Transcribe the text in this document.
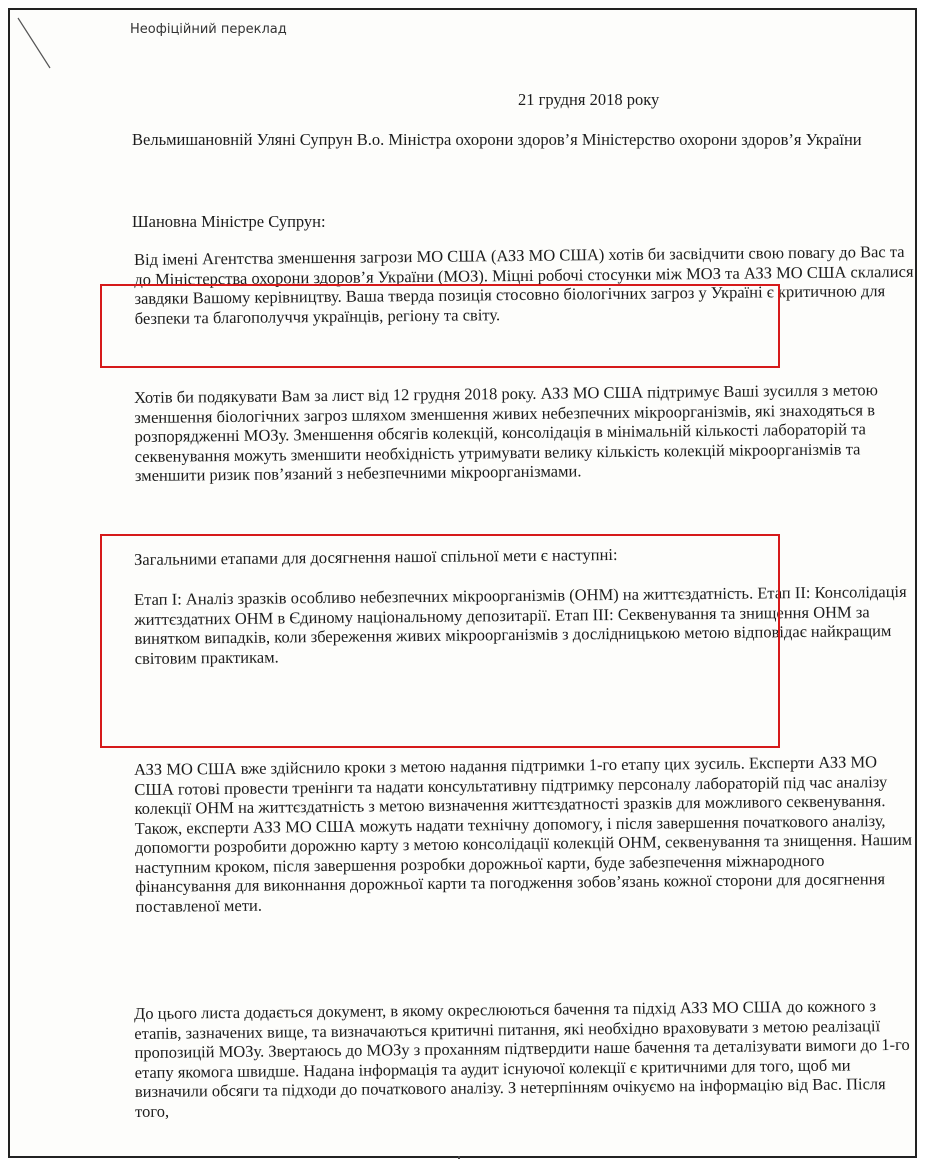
Неофіційний переклад
21 грудня 2018 року
Вельмишановній Уляні Супрун В.о. Міністра охорони здоров’я Міністерство охорони здоров’я України
Шановна Міністре Супрун:
Від імені Агентства зменшення загрози МО США (АЗЗ МО США) хотів би засвідчити свою повагу до Вас та до Міністерства охорони здоров’я України (МОЗ). Міцні робочі стосунки між МОЗ та АЗЗ МО США склалися завдяки Вашому керівництву. Ваша тверда позиція стосовно біологічних загроз у Україні є критичною для безпеки та благополуччя українців, регіону та світу.
Хотів би подякувати Вам за лист від 12 грудня 2018 року. АЗЗ МО США підтримує Ваші зусилля з метою зменшення біологічних загроз шляхом зменшення живих небезпечних мікроорганізмів, які знаходяться в розпорядженні МОЗу. Зменшення обсягів колекцій, консолідація в мінімальній кількості лабораторій та секвенування можуть зменшити необхідність утримувати велику кількість колекцій мікроорганізмів та зменшити ризик пов’язаний з небезпечними мікроорганізмами.
Загальними етапами для досягнення нашої спільної мети є наступні:
Етап I: Аналіз зразків особливо небезпечних мікроорганізмів (ОНМ) на життєздатність. Етап II: Консолідація життєздатних ОНМ в Єдиному національному депозитарії. Етап III: Секвенування та знищення ОНМ за винятком випадків, коли збереження живих мікроорганізмів з дослідницькою метою відповідає найкращим світовим практикам.
АЗЗ МО США вже здійснило кроки з метою надання підтримки 1-го етапу цих зусиль. Експерти АЗЗ МО США готові провести тренінги та надати консультативну підтримку персоналу лабораторій під час аналізу колекції ОНМ на життєздатність з метою визначення життєздатності зразків для можливого секвенування. Також, експерти АЗЗ МО США можуть надати технічну допомогу, і після завершення початкового аналізу, допомогти розробити дорожню карту з метою консолідації колекцій ОНМ, секвенування та знищення. Нашим наступним кроком, після завершення розробки дорожньої карти, буде забезпечення міжнародного фінансування для виконнання дорожньої карти та погодження зобов’язань кожної сторони для досягнення поставленої мети.
До цього листа додається документ, в якому окреслюються бачення та підхід АЗЗ МО США до кожного з етапів, зазначених вище, та визначаються критичні питання, які необхідно враховувати з метою реалізації пропозицій МОЗу. Звертаюсь до МОЗу з проханням підтвердити наше бачення та деталізувати вимоги до 1-го етапу якомога швидше. Надана інформація та аудит існуючої колекції є критичними для того, щоб ми визначили обсяги та підходи до початкового аналізу. З нетерпінням очікуємо на інформацію від Вас. Після того,
